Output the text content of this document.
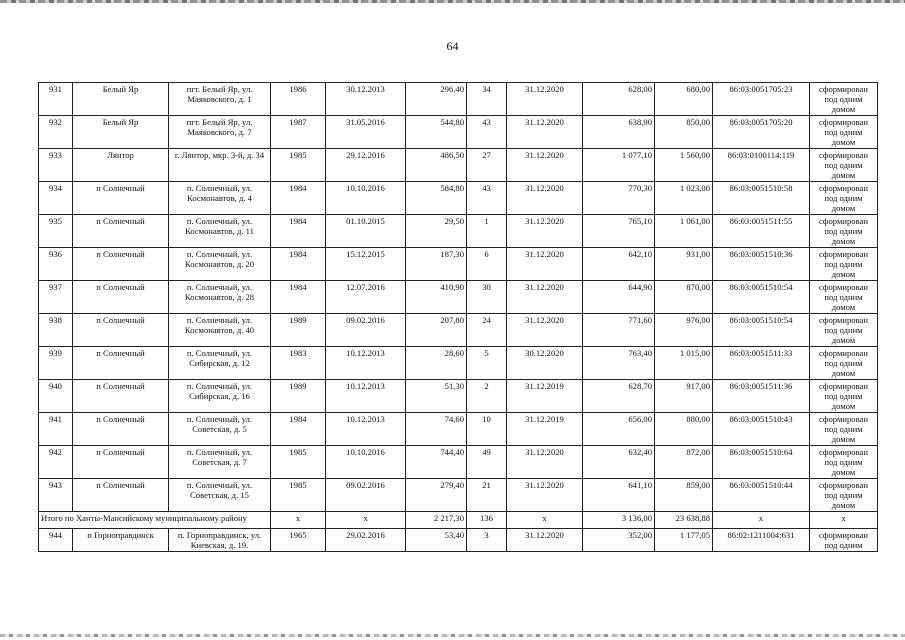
64
931	Белый Яр	пгт. Белый Яр, ул. Маяковского, д. 1	1986	30.12.2013	296,40	34	31.12.2020	628,00	680,00	86:03:0051705:23	сформирован под одним домом
932	Белый Яр	пгт. Белый Яр, ул. Маяковского, д. 7	1987	31.05.2016	544,80	43	31.12.2020	638,90	850,00	86:03:0051705:20	сформирован под одним домом
933	Лянтор	г. Лянтор, мкр. 3-й, д. 34	1985	29.12.2016	486,50	27	31.12.2020	1 077,10	1 560,00	86:03:0100114:119	сформирован под одним домом
934	п Солнечный	п. Солнечный, ул. Космонавтов, д. 4	1984	10.10.2016	584,80	43	31.12.2020	770,30	1 023,00	86:03:0051510:58	сформирован под одним домом
935	п Солнечный	п. Солнечный, ул. Космонавтов, д. 11	1984	01.10.2015	29,50	1	31.12.2020	765,10	1 061,00	86:03:0051511:55	сформирован под одним домом
936	п Солнечный	п. Солнечный, ул. Космонавтов, д. 20	1984	15.12.2015	187,30	6	31.12.2020	642,10	931,00	86:03:0051510:36	сформирован под одним домом
937	п Солнечный	п. Солнечный, ул. Космонавтов, д. 28	1984	12.07.2016	410,90	30	31.12.2020	644,90	870,00	86:03:0051510:54	сформирован под одним домом
938	п Солнечный	п. Солнечный, ул. Космонавтов, д. 40	1989	09.02.2016	207,80	24	31.12.2020	771,60	976,00	86:03:0051510:54	сформирован под одним домом
939	п Солнечный	п. Солнечный, ул. Сибирская, д. 12	1983	10.12.2013	28,60	5	30.12.2020	763,40	1 015,00	86:03:0051511:33	сформирован под одним домом
940	п Солнечный	п. Солнечный, ул. Сибирская, д. 16	1989	10.12.2013	51,30	2	31.12.2019	628,70	917,00	86:03:0051511:36	сформирован под одним домом
941	п Солнечный	п. Солнечный, ул. Советская, д. 5	1984	10.12.2013	74,60	10	31.12.2019	656,00	880,00	86:03:0051510:43	сформирован под одним домом
942	п Солнечный	п. Солнечный, ул. Советская, д. 7	1985	10.10.2016	744,40	49	31.12.2020	632,40	872,00	86:03:0051510:64	сформирован под одним домом
943	п Солнечный	п. Солнечный, ул. Советская, д. 15	1985	09.02.2016	279,40	21	31.12.2020	641,10	859,00	86:03:0051510:44	сформирован под одним домом
Итого по Ханты-Мансийскому муниципальному району			х	х	2 217,30	136	х	3 136,00	23 638,88	х	х
944	п Горноправдинск	п. Горноправдинск, ул. Киевская, д. 19.	1965	29.02.2016	53,40	3	31.12.2020	352,00	1 177,05	86:02:1211004:631	сформирован под одним
